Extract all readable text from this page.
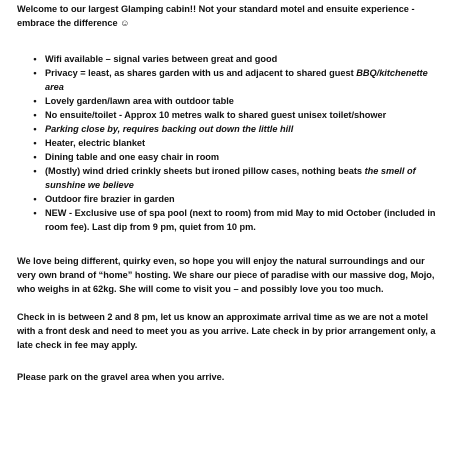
Welcome to our largest Glamping cabin!! Not your standard motel and ensuite experience - embrace the difference ☺

• Wifi available – signal varies between great and good
• Privacy = least, as shares garden with us and adjacent to shared guest BBQ/kitchenette area
• Lovely garden/lawn area with outdoor table
• No ensuite/toilet - Approx 10 metres walk to shared guest unisex toilet/shower
• Parking close by, requires backing out down the little hill
• Heater, electric blanket
• Dining table and one easy chair in room
• (Mostly) wind dried crinkly sheets but ironed pillow cases, nothing beats the smell of sunshine we believe
• Outdoor fire brazier in garden
• NEW - Exclusive use of spa pool (next to room) from mid May to mid October (included in room fee). Last dip from 9 pm, quiet from 10 pm.

We love being different, quirky even, so hope you will enjoy the natural surroundings and our very own brand of “home” hosting. We share our piece of paradise with our massive dog, Mojo, who weighs in at 62kg. She will come to visit you – and possibly love you too much.

Check in is between 2 and 8 pm, let us know an approximate arrival time as we are not a motel with a front desk and need to meet you as you arrive. Late check in by prior arrangement only, a late check in fee may apply.

Please park on the gravel area when you arrive.
